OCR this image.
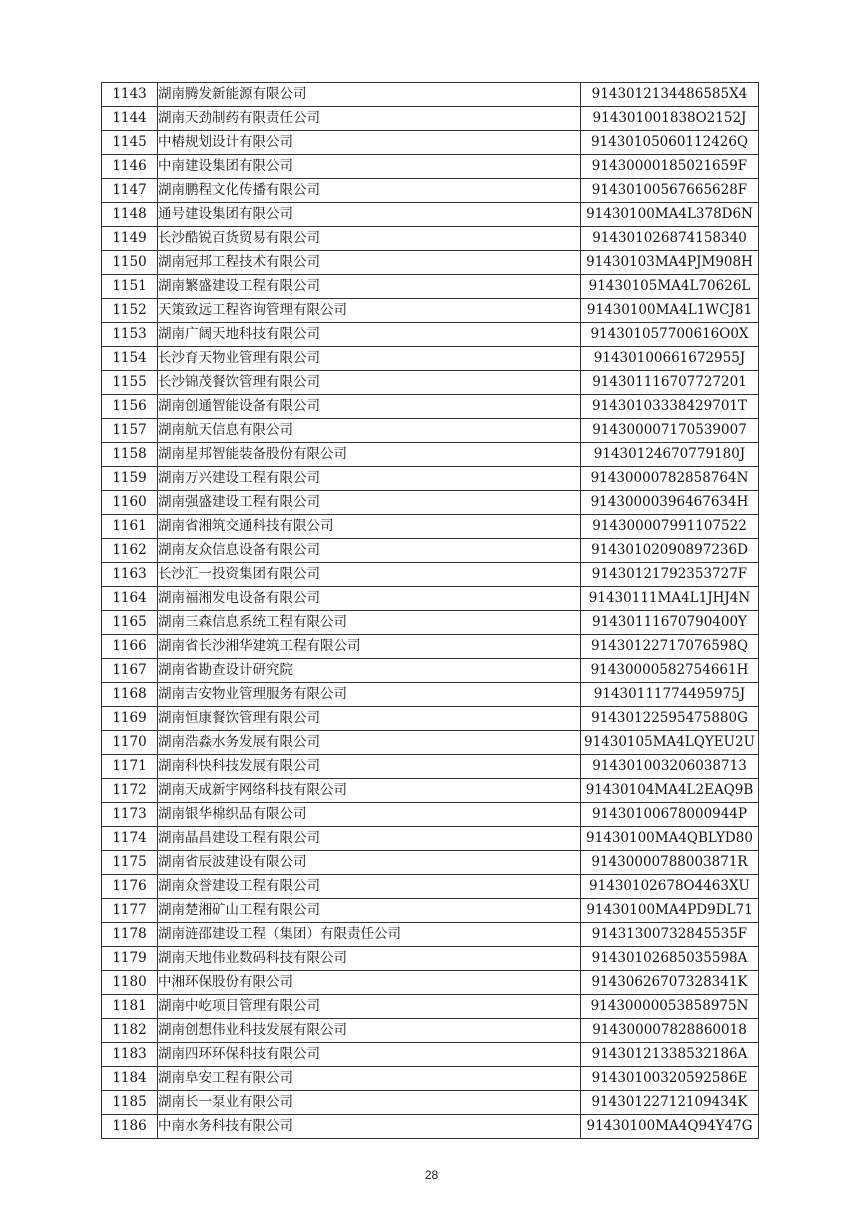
1143	湖南腾发新能源有限公司	9143012134486585X4
1144	湖南天劲制药有限责任公司	914301001838O2152J
1145	中樁规划设计有限公司	91430105060112426Q
1146	中南建设集团有限公司	91430000185021659F
1147	湖南鹏程文化传播有限公司	91430100567665628F
1148	通号建设集团有限公司	91430100MA4L378D6N
1149	长沙酷锐百货贸易有限公司	914301026874158340
1150	湖南冠邦工程技术有限公司	91430103MA4PJM908H
1151	湖南繁盛建设工程有限公司	91430105MA4L70626L
1152	天策致远工程咨询管理有限公司	91430100MA4L1WCJ81
1153	湖南广阔天地科技有限公司	914301057700616O0X
1154	长沙育天物业管理有限公司	91430100661672955J
1155	长沙锦茂餐饮管理有限公司	914301116707727201
1156	湖南创通智能设备有限公司	91430103338429701T
1157	湖南航天信息有限公司	914300007170539007
1158	湖南星邦智能装备股份有限公司	91430124670779180J
1159	湖南万兴建设工程有限公司	91430000782858764N
1160	湖南强盛建设工程有限公司	91430000396467634H
1161	湖南省湘筑交通科技有限公司	914300007991107522
1162	湖南友众信息设备有限公司	91430102090897236D
1163	长沙汇一投资集团有限公司	91430121792353727F
1164	湖南福湘发电设备有限公司	91430111MA4L1JHJ4N
1165	湖南三森信息系统工程有限公司	91430111670790400Y
1166	湖南省长沙湘华建筑工程有限公司	91430122717076598Q
1167	湖南省勘查设计研究院	91430000582754661H
1168	湖南吉安物业管理服务有限公司	91430111774495975J
1169	湖南恒康餐饮管理有限公司	91430122595475880G
1170	湖南浩淼水务发展有限公司	91430105MA4LQYEU2U
1171	湖南科快科技发展有限公司	914301003206038713
1172	湖南天成新宇网络科技有限公司	91430104MA4L2EAQ9B
1173	湖南银华棉织品有限公司	91430100678000944P
1174	湖南晶昌建设工程有限公司	91430100MA4QBLYD80
1175	湖南省辰波建设有限公司	91430000788003871R
1176	湖南众誉建设工程有限公司	91430102678O4463XU
1177	湖南楚湘矿山工程有限公司	91430100MA4PD9DL71
1178	湖南涟邵建设工程（集团）有限责任公司	91431300732845535F
1179	湖南天地伟业数码科技有限公司	91430102685035598A
1180	中湘环保股份有限公司	91430626707328341K
1181	湖南中屹项目管理有限公司	91430000053858975N
1182	湖南创想伟业科技发展有限公司	914300007828860018
1183	湖南四环环保科技有限公司	91430121338532186A
1184	湖南阜安工程有限公司	91430100320592586E
1185	湖南长一泵业有限公司	91430122712109434K
1186	中南水务科技有限公司	91430100MA4Q94Y47G
28
